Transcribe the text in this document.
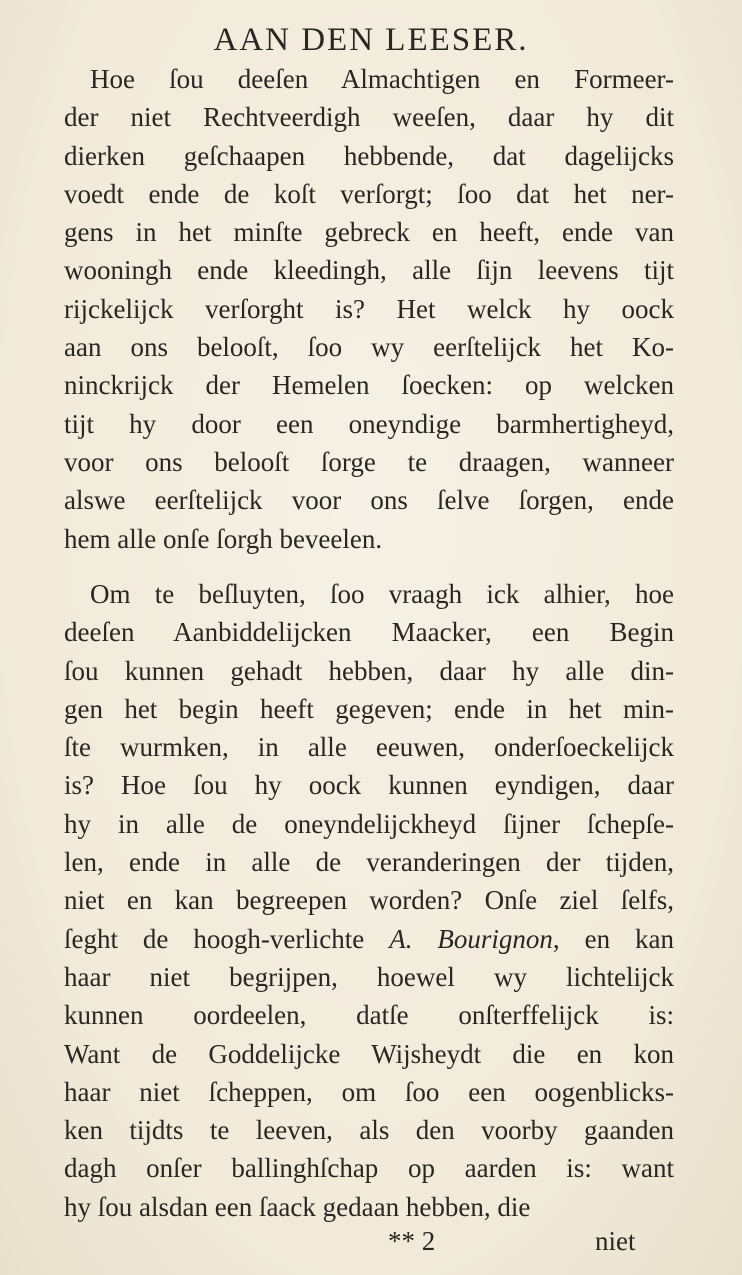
AAN DEN LEESER.
Hoe ſou deeſen Almachtigen en Formeer-
der niet Rechtveerdigh weeſen, daar hy dit
dierken geſchaapen hebbende, dat dagelijcks
voedt ende de koſt verſorgt; ſoo dat het ner-
gens in het minſte gebreck en heeft, ende van
wooningh ende kleedingh, alle ſijn leevens tijt
rijckelijck verſorght is? Het welck hy oock
aan ons belooſt, ſoo wy eerſtelijck het Ko-
ninckrijck der Hemelen ſoecken: op welcken
tijt hy door een oneyndige barmhertigheyd,
voor ons belooſt ſorge te draagen, wanneer
alswe eerſtelijck voor ons ſelve ſorgen, ende
hem alle onſe ſorgh beveelen.
Om te beſluyten, ſoo vraagh ick alhier, hoe
deeſen Aanbiddelijcken Maacker, een Begin
ſou kunnen gehadt hebben, daar hy alle din-
gen het begin heeft gegeven; ende in het min-
ſte wurmken, in alle eeuwen, onderſoeckelijck
is? Hoe ſou hy oock kunnen eyndigen, daar
hy in alle de oneyndelijckheyd ſijner ſchepſe-
len, ende in alle de veranderingen der tijden,
niet en kan begreepen worden? Onſe ziel ſelfs,
ſeght de hoogh-verlichte A. Bourignon, en kan
haar niet begrijpen, hoewel wy lichtelijck
kunnen oordeelen, datſe onſterffelijck is:
Want de Goddelijcke Wijsheydt die en kon
haar niet ſcheppen, om ſoo een oogenblicks-
ken tijdts te leeven, als den voorby gaanden
dagh onſer ballinghſchap op aarden is: want
hy ſou alsdan een ſaack gedaan hebben, die
** 2	niet
